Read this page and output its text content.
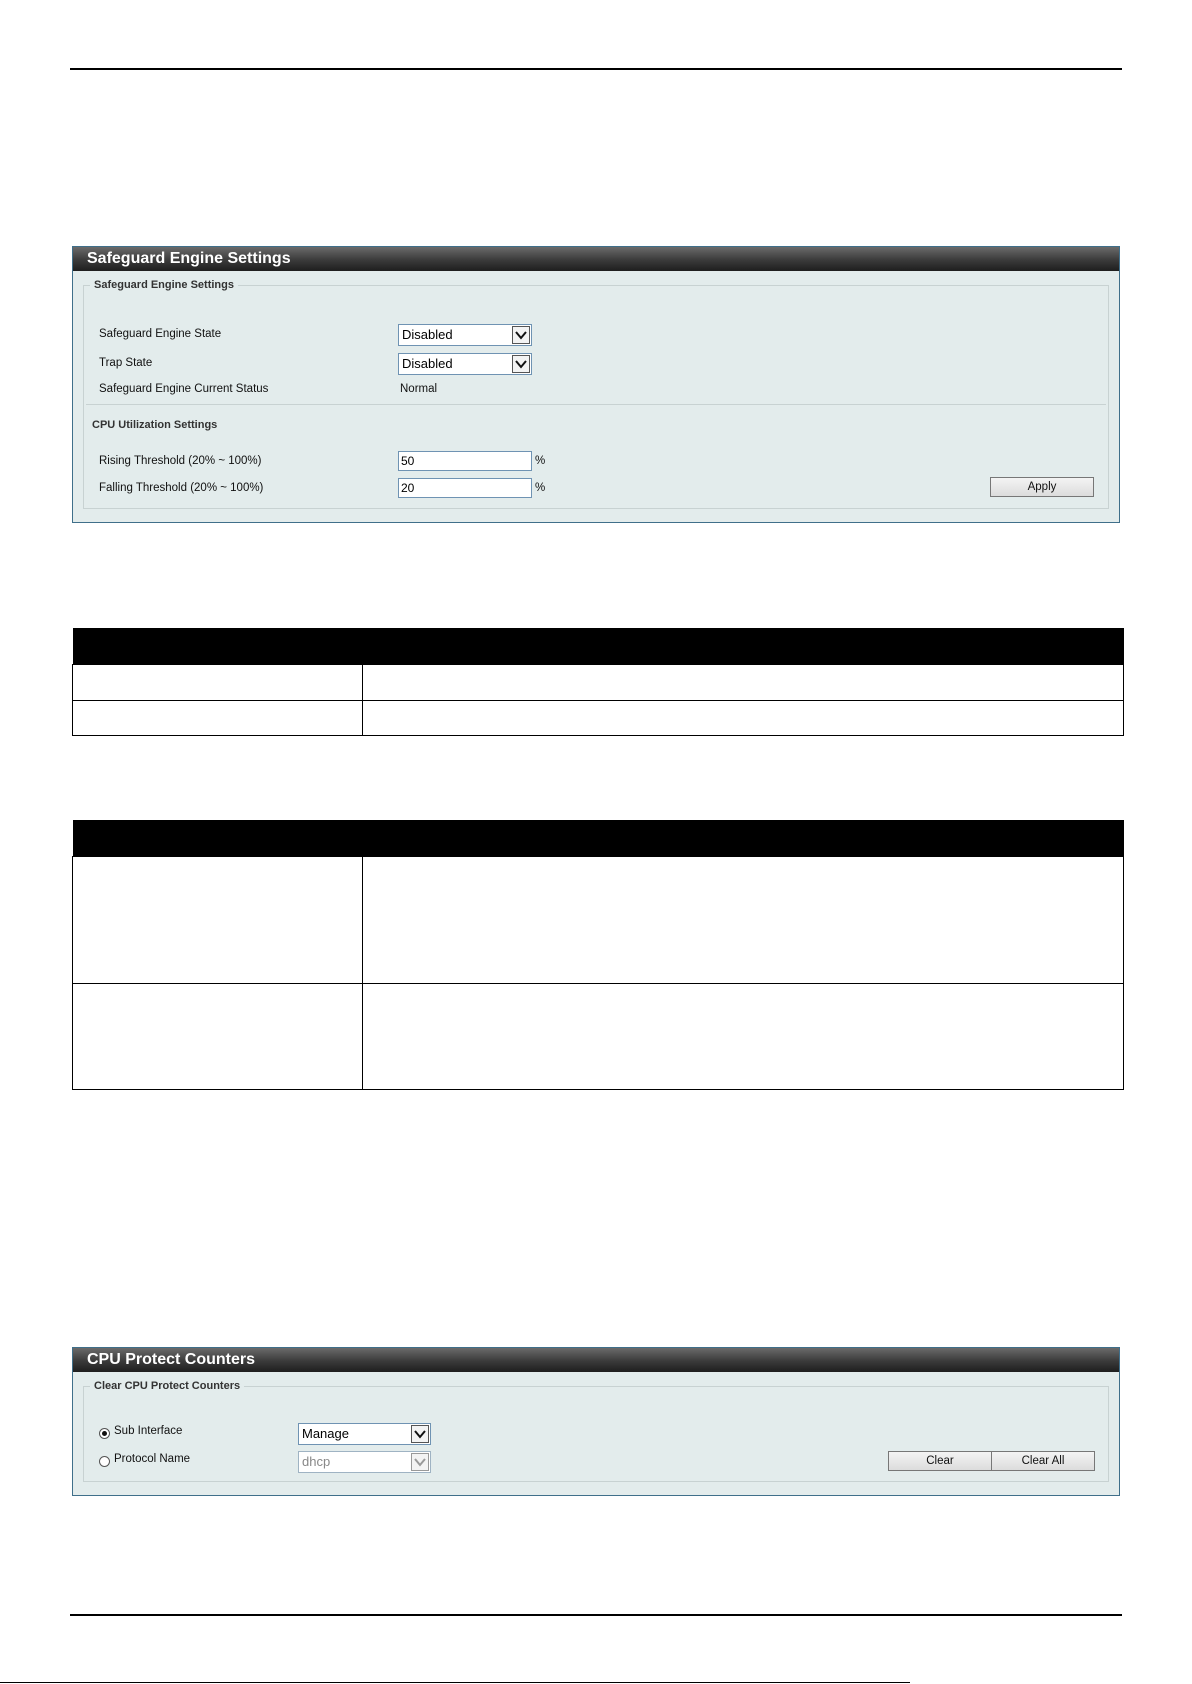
Safeguard Engine Settings
Safeguard Engine Settings
Safeguard Engine State	Disabled
Trap State	Disabled
Safeguard Engine Current Status	Normal
CPU Utilization Settings
Rising Threshold (20% ~ 100%)	50	%
Falling Threshold (20% ~ 100%)	20	%	Apply

CPU Protect Counters
Clear CPU Protect Counters
Sub Interface	Manage
Protocol Name	dhcp	Clear	Clear All
